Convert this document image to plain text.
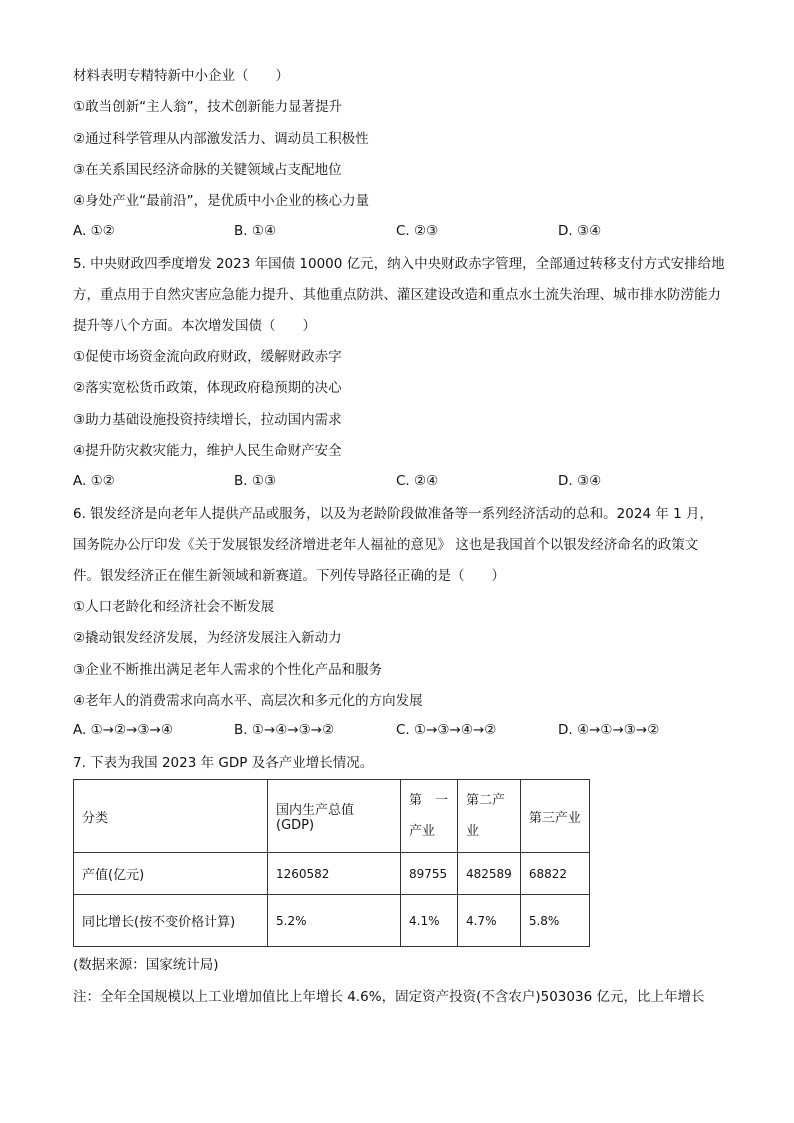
材料表明专精特新中小企业（　　）
①敢当创新“主人翁”，技术创新能力显著提升
②通过科学管理从内部激发活力、调动员工积极性
③在关系国民经济命脉的关键领域占支配地位
④身处产业“最前沿”，是优质中小企业的核心力量
A. ①②	B. ①④	C. ②③	D. ③④
5. 中央财政四季度增发 2023 年国债 10000 亿元，纳入中央财政赤字管理，全部通过转移支付方式安排给地方，重点用于自然灾害应急能力提升、其他重点防洪、灌区建设改造和重点水土流失治理、城市排水防涝能力提升等八个方面。本次增发国债（　　）
①促使市场资金流向政府财政，缓解财政赤字
②落实宽松货币政策，体现政府稳预期的决心
③助力基础设施投资持续增长，拉动国内需求
④提升防灾救灾能力，维护人民生命财产安全
A. ①②	B. ①③	C. ②④	D. ③④
6. 银发经济是向老年人提供产品或服务，以及为老龄阶段做准备等一系列经济活动的总和。2024 年 1 月，国务院办公厅印发《关于发展银发经济增进老年人福祉的意见》 这也是我国首个以银发经济命名的政策文件。银发经济正在催生新领域和新赛道。下列传导路径正确的是（　　）
①人口老龄化和经济社会不断发展
②撬动银发经济发展，为经济发展注入新动力
③企业不断推出满足老年人需求的个性化产品和服务
④老年人的消费需求向高水平、高层次和多元化的方向发展
A. ①→②→③→④	B. ①→④→③→②	C. ①→③→④→②	D. ④→①→③→②
7. 下表为我国 2023 年 GDP 及各产业增长情况。
分类	国内生产总值(GDP)	第　一产业	第二产业	第三产业
产值(亿元)	1260582	89755	482589	68822
同比增长(按不变价格计算)	5.2%	4.1%	4.7%	5.8%
(数据来源：国家统计局)
注：全年全国规模以上工业增加值比上年增长 4.6%，固定资产投资(不含农户)503036 亿元，比上年增长
